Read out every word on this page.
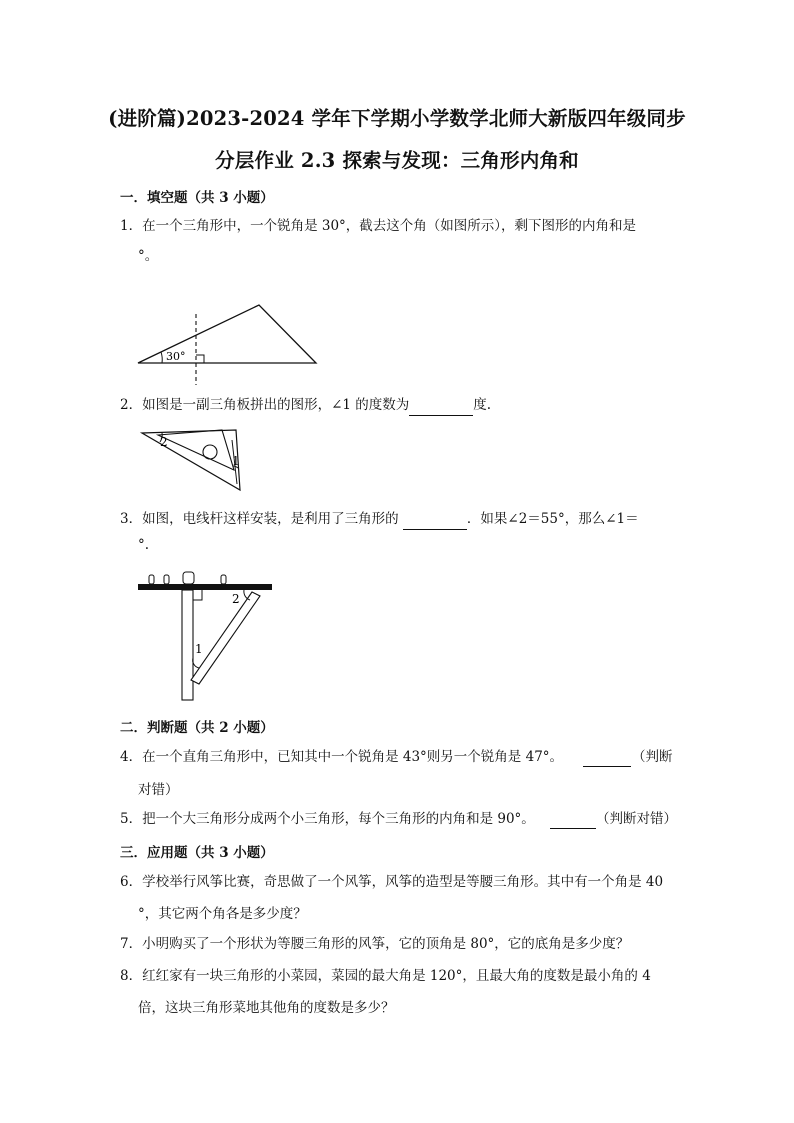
(进阶篇)2023-2024 学年下学期小学数学北师大新版四年级同步
分层作业 2.3 探索与发现：三角形内角和
一．填空题（共 3 小题）
1．在一个三角形中，一个锐角是 30°，截去这个角（如图所示），剩下图形的内角和是
°。
30°
2．如图是一副三角板拼出的图形，∠1 的度数为	度.
2
1
3．如图，电线杆这样安装，是利用了三角形的	．如果∠2＝55°，那么∠1＝
°.
2
1
二．判断题（共 2 小题）
4．在一个直角三角形中，已知其中一个锐角是 43°则另一个锐角是 47°。	（判断
对错）
5．把一个大三角形分成两个小三角形，每个三角形的内角和是 90°。	（判断对错）
三．应用题（共 3 小题）
6．学校举行风筝比赛，奇思做了一个风筝，风筝的造型是等腰三角形。其中有一个角是 40
°，其它两个角各是多少度？
7．小明购买了一个形状为等腰三角形的风筝，它的顶角是 80°，它的底角是多少度？
8．红红家有一块三角形的小菜园，菜园的最大角是 120°，且最大角的度数是最小角的 4
倍，这块三角形菜地其他角的度数是多少？
